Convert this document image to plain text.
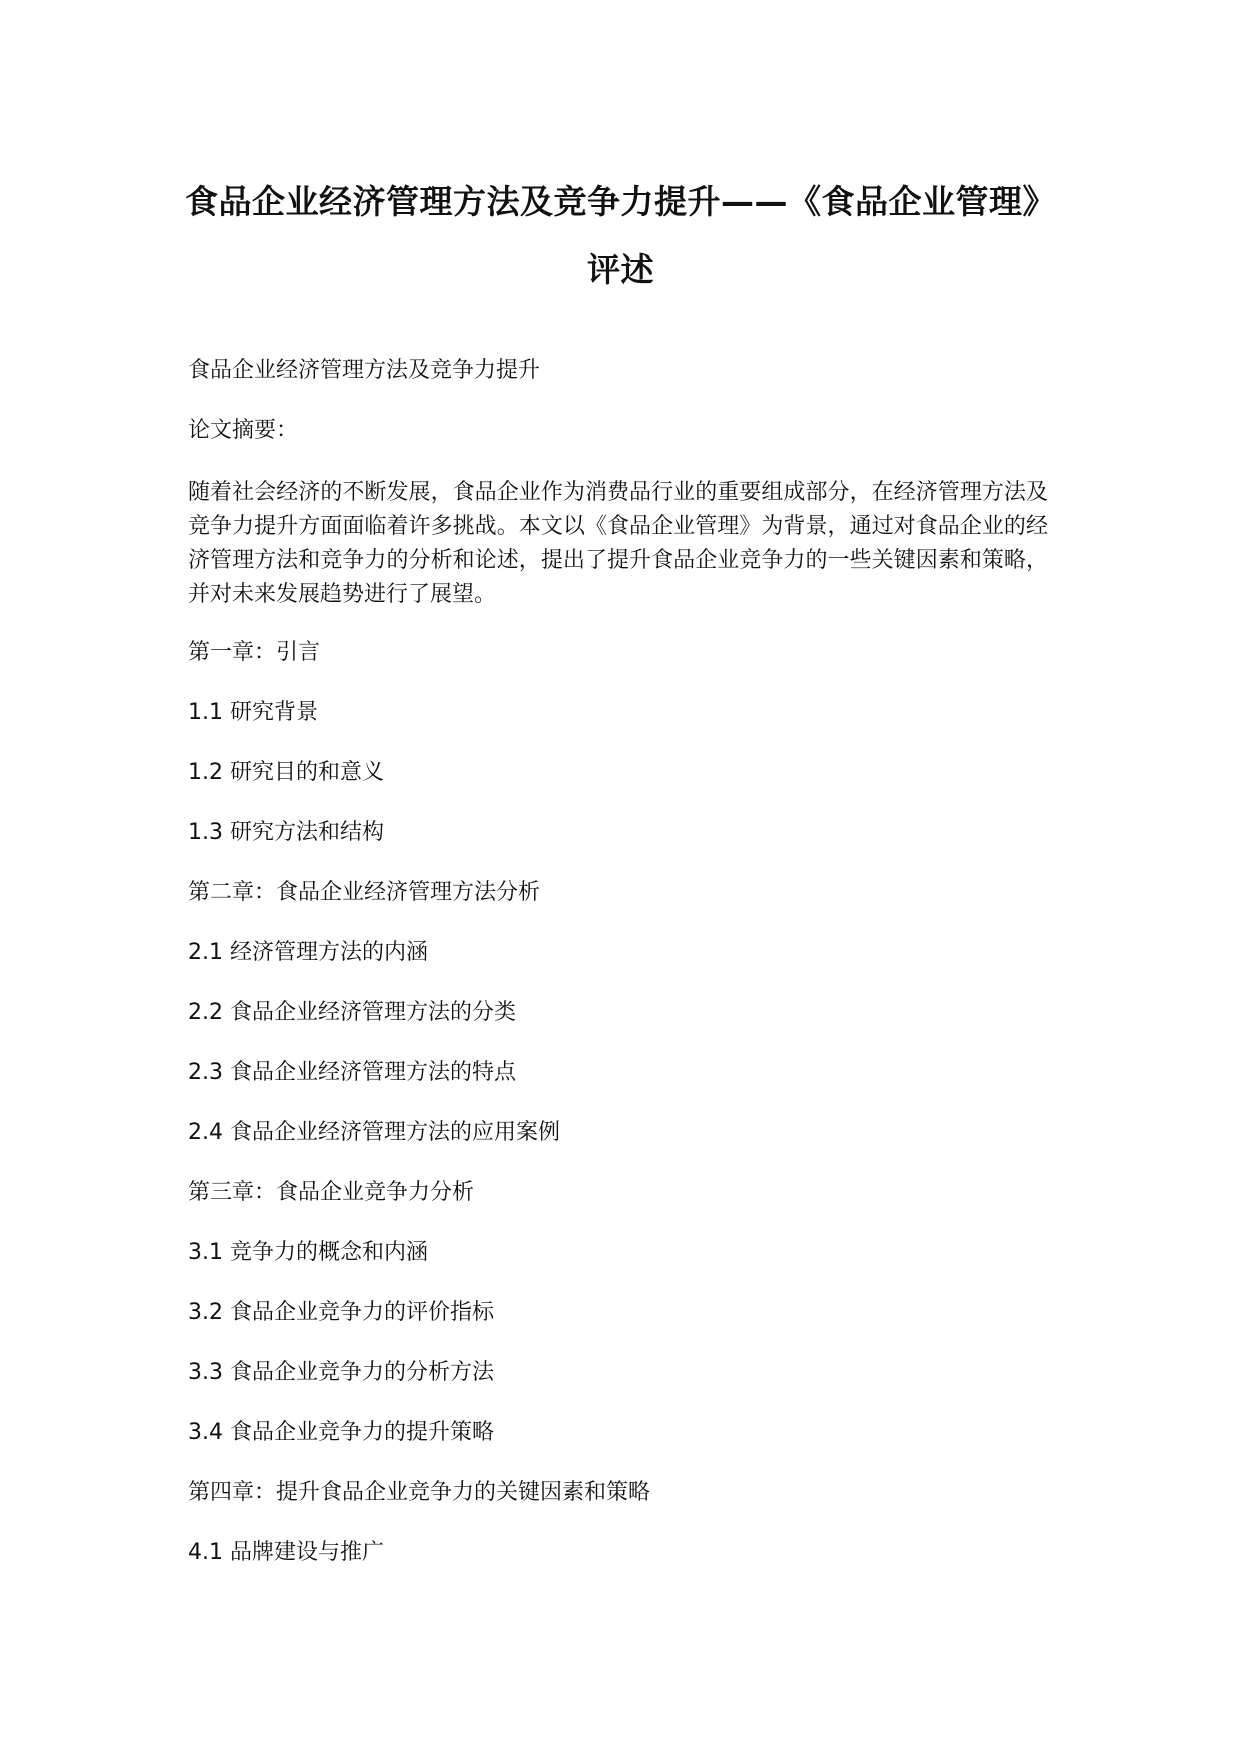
食品企业经济管理方法及竞争力提升——《食品企业管理》
评述

食品企业经济管理方法及竞争力提升

论文摘要：

随着社会经济的不断发展，食品企业作为消费品行业的重要组成部分，在经济管理方法及竞争力提升方面面临着许多挑战。本文以《食品企业管理》为背景，通过对食品企业的经济管理方法和竞争力的分析和论述，提出了提升食品企业竞争力的一些关键因素和策略，并对未来发展趋势进行了展望。

第一章：引言

1.1 研究背景

1.2 研究目的和意义

1.3 研究方法和结构

第二章：食品企业经济管理方法分析

2.1 经济管理方法的内涵

2.2 食品企业经济管理方法的分类

2.3 食品企业经济管理方法的特点

2.4 食品企业经济管理方法的应用案例

第三章：食品企业竞争力分析

3.1 竞争力的概念和内涵

3.2 食品企业竞争力的评价指标

3.3 食品企业竞争力的分析方法

3.4 食品企业竞争力的提升策略

第四章：提升食品企业竞争力的关键因素和策略

4.1 品牌建设与推广
